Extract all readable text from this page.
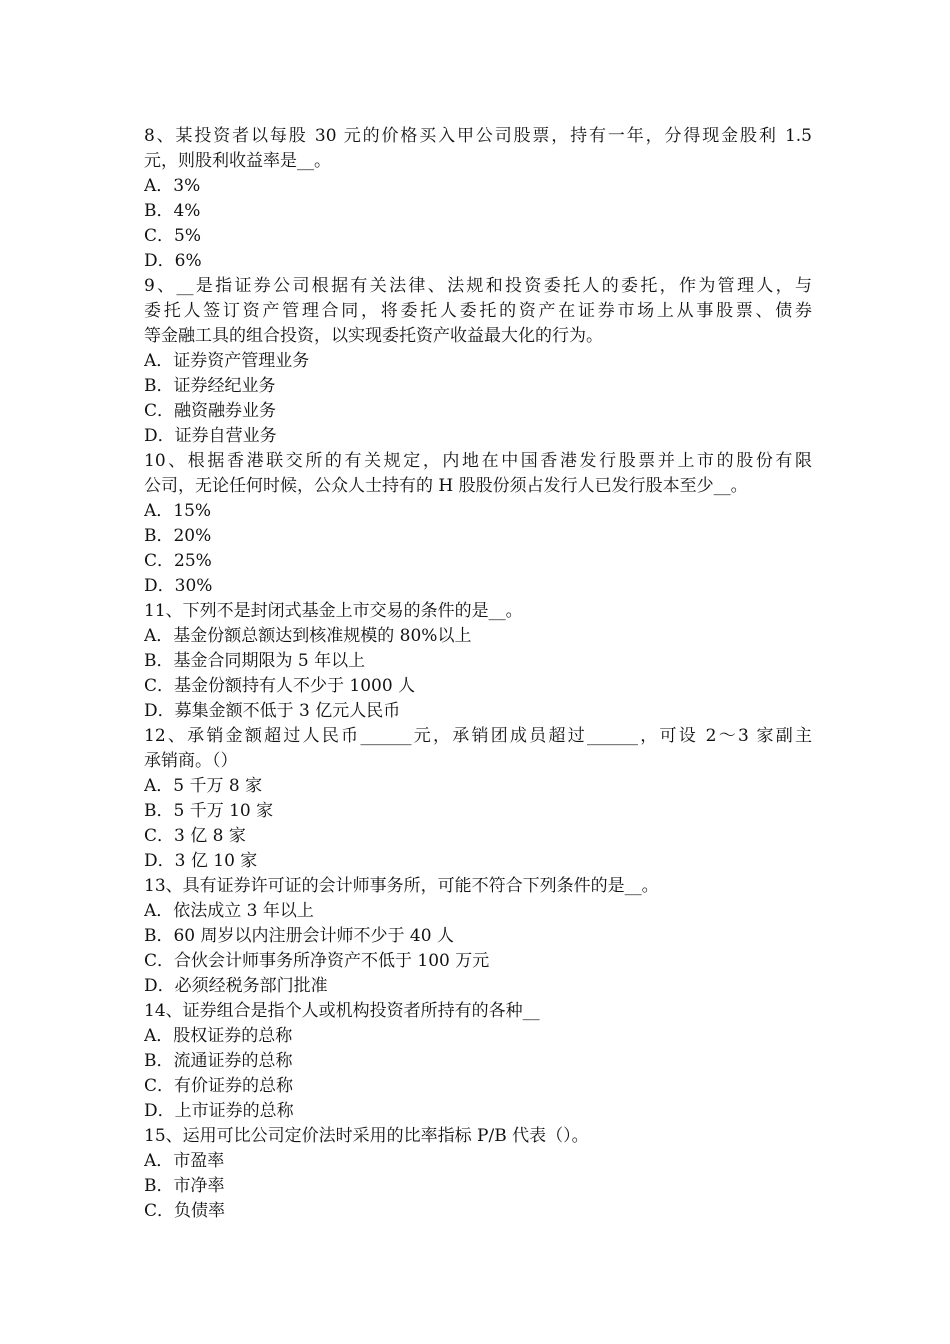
8、某投资者以每股 30 元的价格买入甲公司股票，持有一年，分得现金股利 1.5
元，则股利收益率是__。
A．3%
B．4%
C．5%
D．6%
9、__是指证券公司根据有关法律、法规和投资委托人的委托，作为管理人，与
委托人签订资产管理合同，将委托人委托的资产在证券市场上从事股票、债券
等金融工具的组合投资，以实现委托资产收益最大化的行为。
A．证券资产管理业务
B．证券经纪业务
C．融资融券业务
D．证券自营业务
10、根据香港联交所的有关规定，内地在中国香港发行股票并上市的股份有限
公司，无论任何时候，公众人士持有的 H 股股份须占发行人已发行股本至少__。
A．15%
B．20%
C．25%
D．30%
11、下列不是封闭式基金上市交易的条件的是__。
A．基金份额总额达到核准规模的 80%以上
B．基金合同期限为 5 年以上
C．基金份额持有人不少于 1000 人
D．募集金额不低于 3 亿元人民币
12、承销金额超过人民币______元，承销团成员超过______，可设 2～3 家副主
承销商。（）
A．5 千万 8 家
B．5 千万 10 家
C．3 亿 8 家
D．3 亿 10 家
13、具有证券许可证的会计师事务所，可能不符合下列条件的是__。
A．依法成立 3 年以上
B．60 周岁以内注册会计师不少于 40 人
C．合伙会计师事务所净资产不低于 100 万元
D．必须经税务部门批准
14、证券组合是指个人或机构投资者所持有的各种__
A．股权证券的总称
B．流通证券的总称
C．有价证券的总称
D．上市证券的总称
15、运用可比公司定价法时采用的比率指标 P/B 代表（）。
A．市盈率
B．市净率
C．负债率
